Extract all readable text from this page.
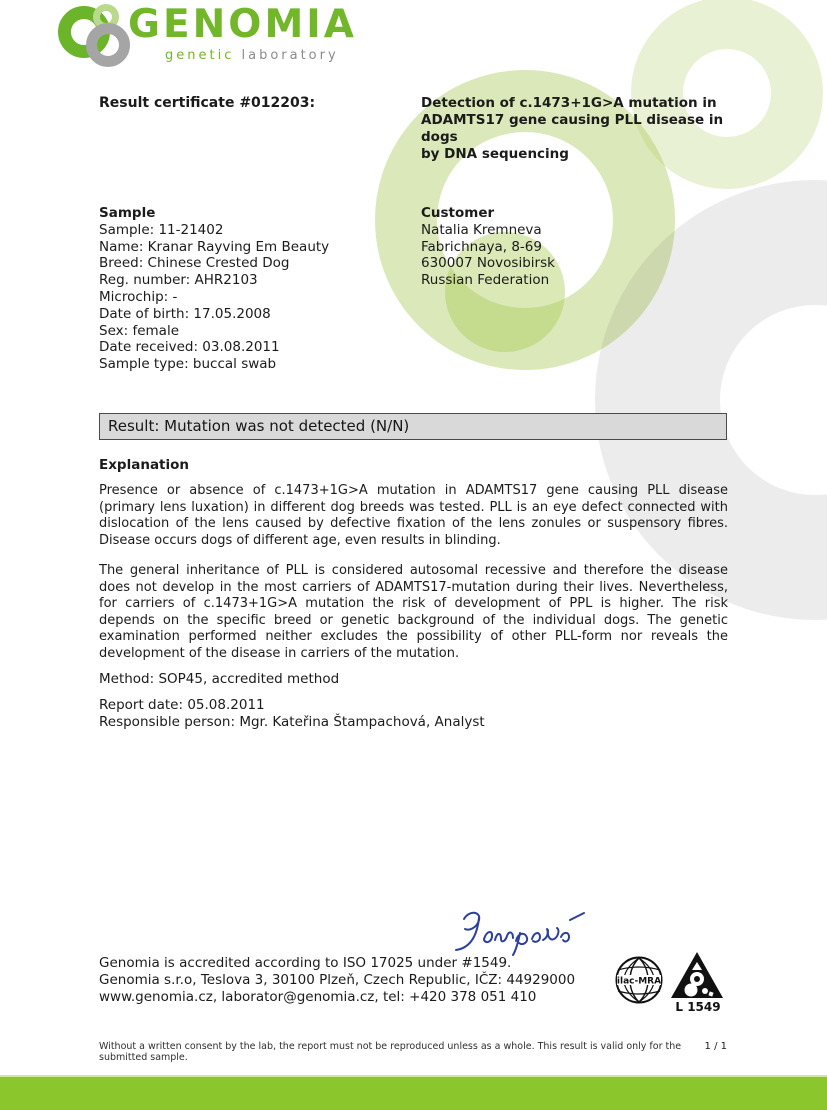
GENOMIA
genetic laboratory
Result certificate #012203:	Detection of c.1473+1G>A mutation in
ADAMTS17 gene causing PLL disease in dogs
by DNA sequencing
Sample
Sample: 11-21402
Name: Kranar Rayving Em Beauty
Breed: Chinese Crested Dog
Reg. number: AHR2103
Microchip: -
Date of birth: 17.05.2008
Sex: female
Date received: 03.08.2011
Sample type: buccal swab
Customer
Natalia Kremneva
Fabrichnaya, 8-69
630007 Novosibirsk
Russian Federation
Result: Mutation was not detected (N/N)
Explanation
Presence or absence of c.1473+1G>A mutation in ADAMTS17 gene causing PLL disease (primary lens luxation) in different dog breeds was tested. PLL is an eye defect connected with dislocation of the lens caused by defective fixation of the lens zonules or suspensory fibres. Disease occurs dogs of different age, even results in blinding.
The general inheritance of PLL is considered autosomal recessive and therefore the disease does not develop in the most carriers of ADAMTS17-mutation during their lives. Nevertheless, for carriers of c.1473+1G>A mutation the risk of development of PPL is higher. The risk depends on the specific breed or genetic background of the individual dogs. The genetic examination performed neither excludes the possibility of other PLL-form nor reveals the development of the disease in carriers of the mutation.
Method: SOP45, accredited method
Report date: 05.08.2011
Responsible person: Mgr. Kateřina Štampachová, Analyst
Genomia is accredited according to ISO 17025 under #1549.
Genomia s.r.o, Teslova 3, 30100 Plzeň, Czech Republic, IČZ: 44929000
www.genomia.cz, laborator@genomia.cz, tel: +420 378 051 410
ilac-MRA
L 1549
Without a written consent by the lab, the report must not be reproduced unless as a whole. This result is valid only for the submitted sample.
1 / 1
